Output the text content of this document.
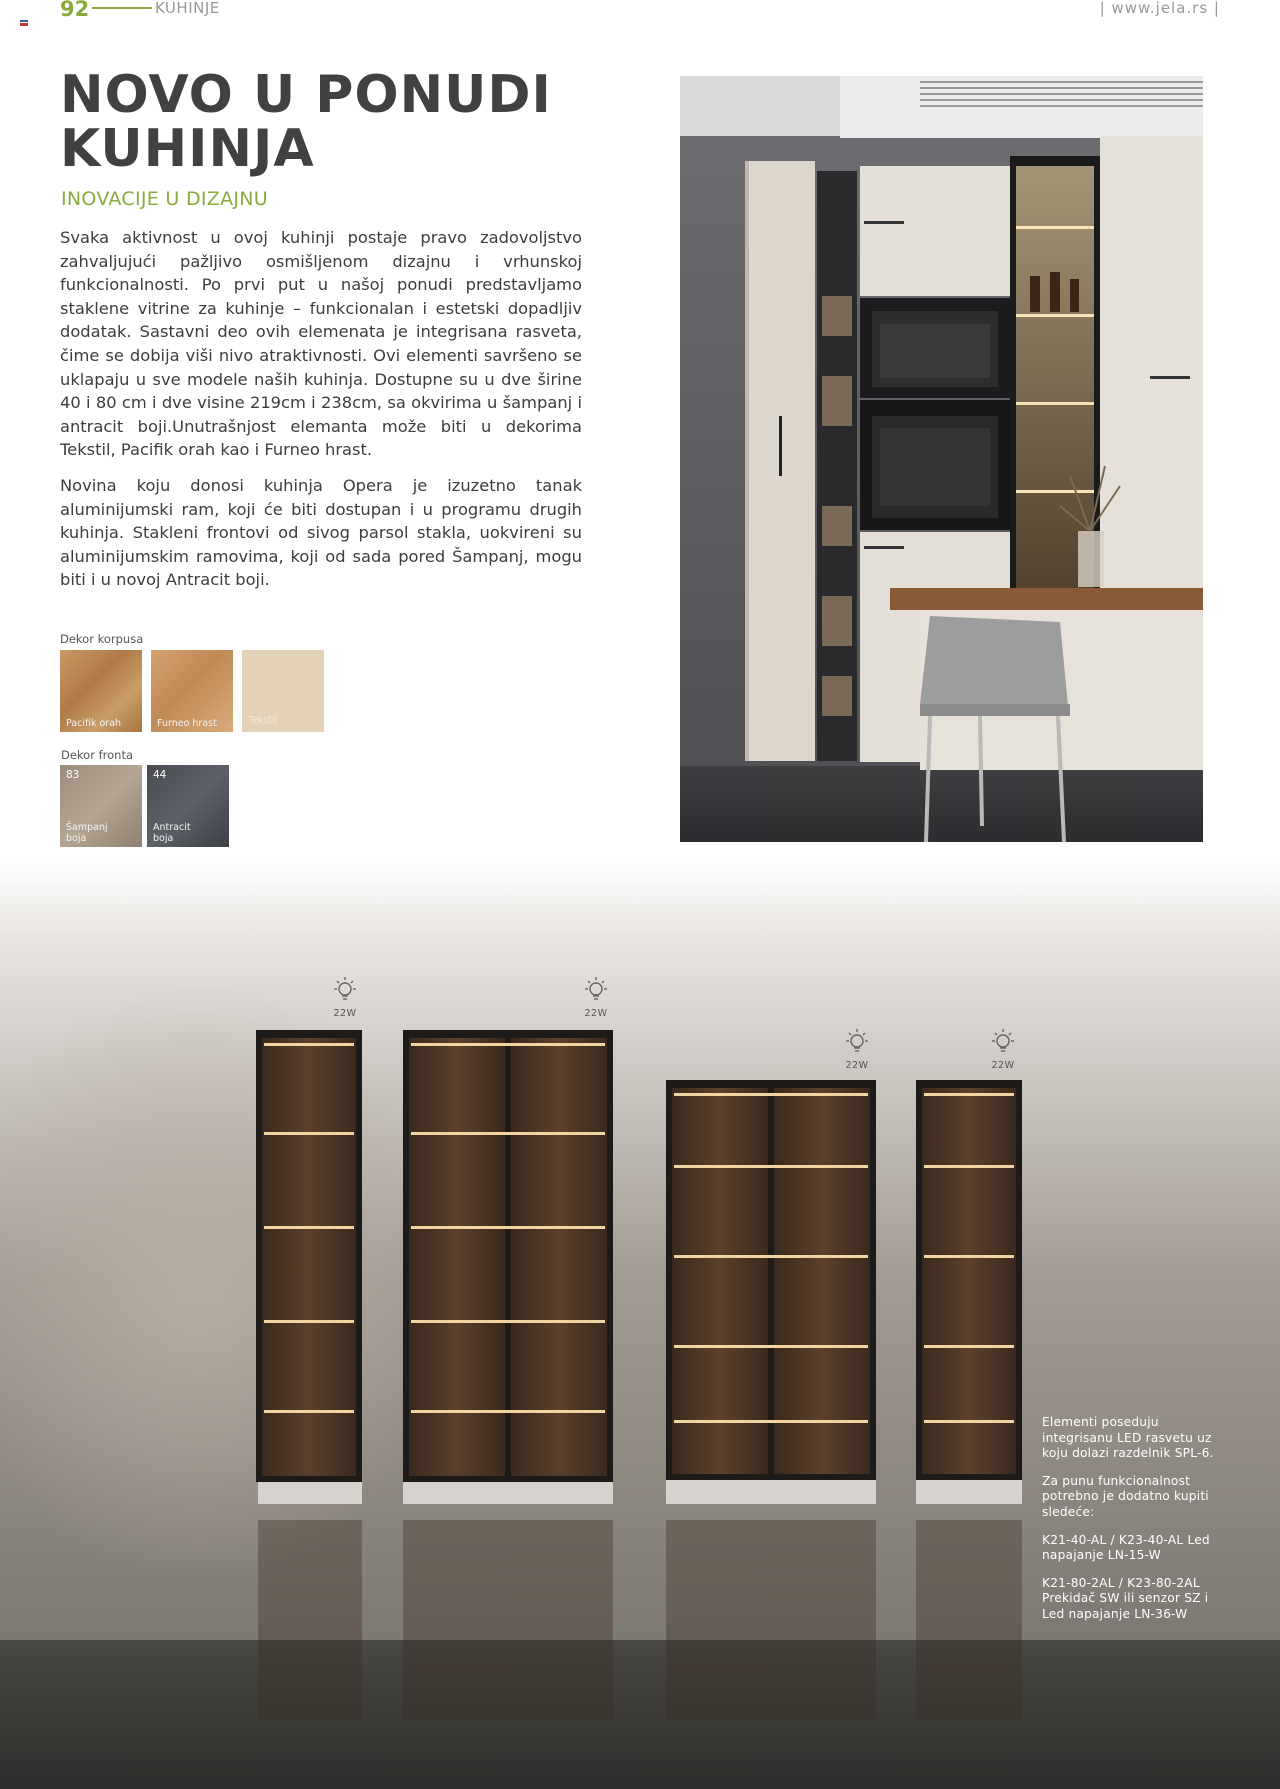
92	KUHINJE	| www.jela.rs |
NOVO U PONUDI
KUHINJA
INOVACIJE U DIZAJNU

Svaka aktivnost u ovoj kuhinji postaje pravo zadovoljstvo zahvaljujući pažljivo osmišljenom dizajnu i vrhunskoj funkcionalnosti. Po prvi put u našoj ponudi predstavljamo staklene vitrine za kuhinje – funkcionalan i estetski dopadljiv dodatak. Sastavni deo ovih elemenata je integrisana rasveta, čime se dobija viši nivo atraktivnosti. Ovi elementi savršeno se uklapaju u sve modele naših kuhinja. Dostupne su u dve širine 40 i 80 cm i dve visine 219cm i 238cm, sa okvirima u šampanj i antracit boji.Unutrašnjost elemanta može biti u dekorima Tekstil, Pacifik orah kao i Furneo hrast.

Novina koju donosi kuhinja Opera je izuzetno tanak aluminijumski ram, koji će biti dostupan i u programu drugih kuhinja. Stakleni frontovi od sivog parsol stakla, uokvireni su aluminijumskim ramovima, koji od sada pored Šampanj, mogu biti i u novoj Antracit boji.

Dekor korpusa
Pacifik orah	Furneo hrast	Tekstil
Dekor fronta
83
Šampanj boja
44
Antracit boja
22W	22W
22W	22W

Elementi poseduju integrisanu LED rasvetu uz koju dolazi razdelnik SPL-6.

Za punu funkcionalnost potrebno je dodatno kupiti sledeće:

K21-40-AL / K23-40-AL Led napajanje LN-15-W

K21-80-2AL / K23-80-2AL Prekidač SW ili senzor SZ i Led napajanje LN-36-W
